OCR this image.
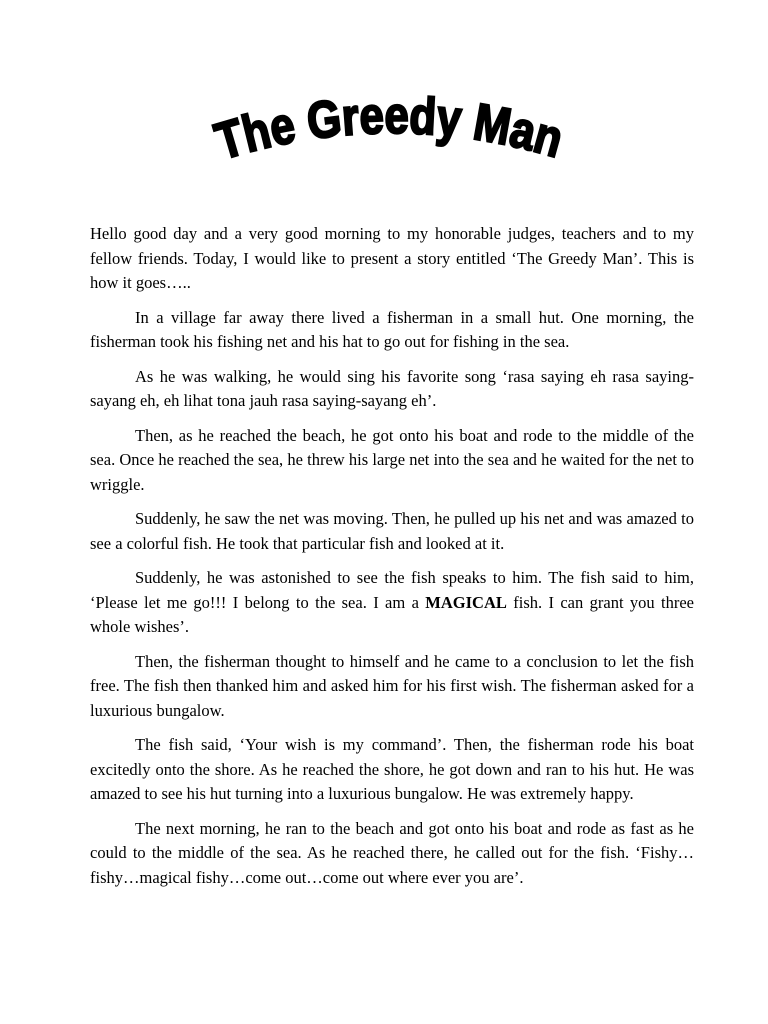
The Greedy Man

Hello good day and a very good morning to my honorable judges, teachers and to my fellow friends. Today, I would like to present a story entitled ‘The Greedy Man’. This is how it goes…..

In a village far away there lived a fisherman in a small hut. One morning, the fisherman took his fishing net and his hat to go out for fishing in the sea.

As he was walking, he would sing his favorite song ‘rasa saying eh rasa saying-sayang eh, eh lihat tona jauh rasa saying-sayang eh’.

Then, as he reached the beach, he got onto his boat and rode to the middle of the sea. Once he reached the sea, he threw his large net into the sea and he waited for the net to wriggle.

Suddenly, he saw the net was moving. Then, he pulled up his net and was amazed to see a colorful fish. He took that particular fish and looked at it.

Suddenly, he was astonished to see the fish speaks to him. The fish said to him, ‘Please let me go!!! I belong to the sea. I am a MAGICAL fish. I can grant you three whole wishes’.

Then, the fisherman thought to himself and he came to a conclusion to let the fish free. The fish then thanked him and asked him for his first wish. The fisherman asked for a luxurious bungalow.

The fish said, ‘Your wish is my command’. Then, the fisherman rode his boat excitedly onto the shore. As he reached the shore, he got down and ran to his hut. He was amazed to see his hut turning into a luxurious bungalow. He was extremely happy.

The next morning, he ran to the beach and got onto his boat and rode as fast as he could to the middle of the sea. As he reached there, he called out for the fish. ‘Fishy…fishy…magical fishy…come out…come out where ever you are’.
